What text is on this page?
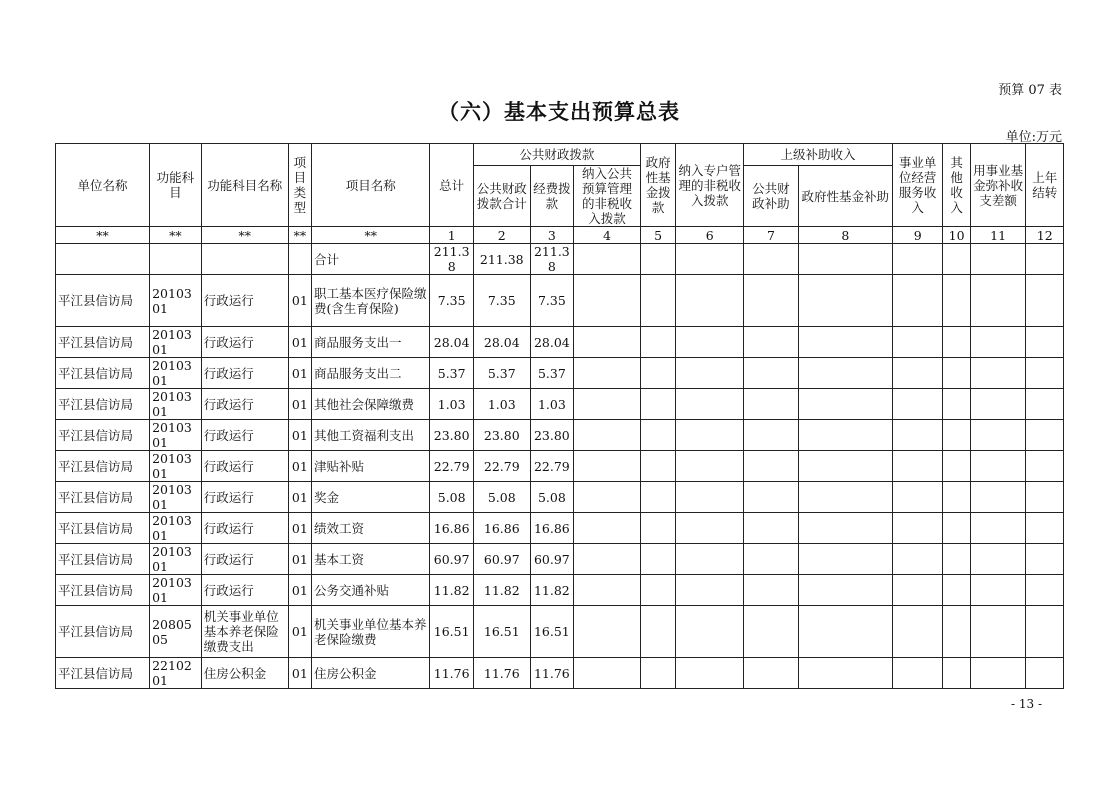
预算 07 表
（六）基本支出预算总表
单位:万元
单位名称	功能科目	功能科目名称	项目类型	项目名称	总计	公共财政拨款			政府性基金拨款	纳入专户管理的非税收入拨款	上级补助收入		事业单位经营服务收入	其他收入	用事业基金弥补收支差额	上年结转
						公共财政拨款合计	经费拨款	纳入公共预算管理的非税收入拨款			公共财政补助	政府性基金补助				
**	**	**	**	**	1	2	3	4	5	6	7	8	9	10	11	12
				合计	211.38	211.38	211.38									
平江县信访局	2010301	行政运行	01	职工基本医疗保险缴费(含生育保险)	7.35	7.35	7.35									
平江县信访局	2010301	行政运行	01	商品服务支出一	28.04	28.04	28.04									
平江县信访局	2010301	行政运行	01	商品服务支出二	5.37	5.37	5.37									
平江县信访局	2010301	行政运行	01	其他社会保障缴费	1.03	1.03	1.03									
平江县信访局	2010301	行政运行	01	其他工资福利支出	23.80	23.80	23.80									
平江县信访局	2010301	行政运行	01	津贴补贴	22.79	22.79	22.79									
平江县信访局	2010301	行政运行	01	奖金	5.08	5.08	5.08									
平江县信访局	2010301	行政运行	01	绩效工资	16.86	16.86	16.86									
平江县信访局	2010301	行政运行	01	基本工资	60.97	60.97	60.97									
平江县信访局	2010301	行政运行	01	公务交通补贴	11.82	11.82	11.82									
平江县信访局	2080505	机关事业单位基本养老保险缴费支出	01	机关事业单位基本养老保险缴费	16.51	16.51	16.51									
平江县信访局	2210201	住房公积金	01	住房公积金	11.76	11.76	11.76									
- 13 -
